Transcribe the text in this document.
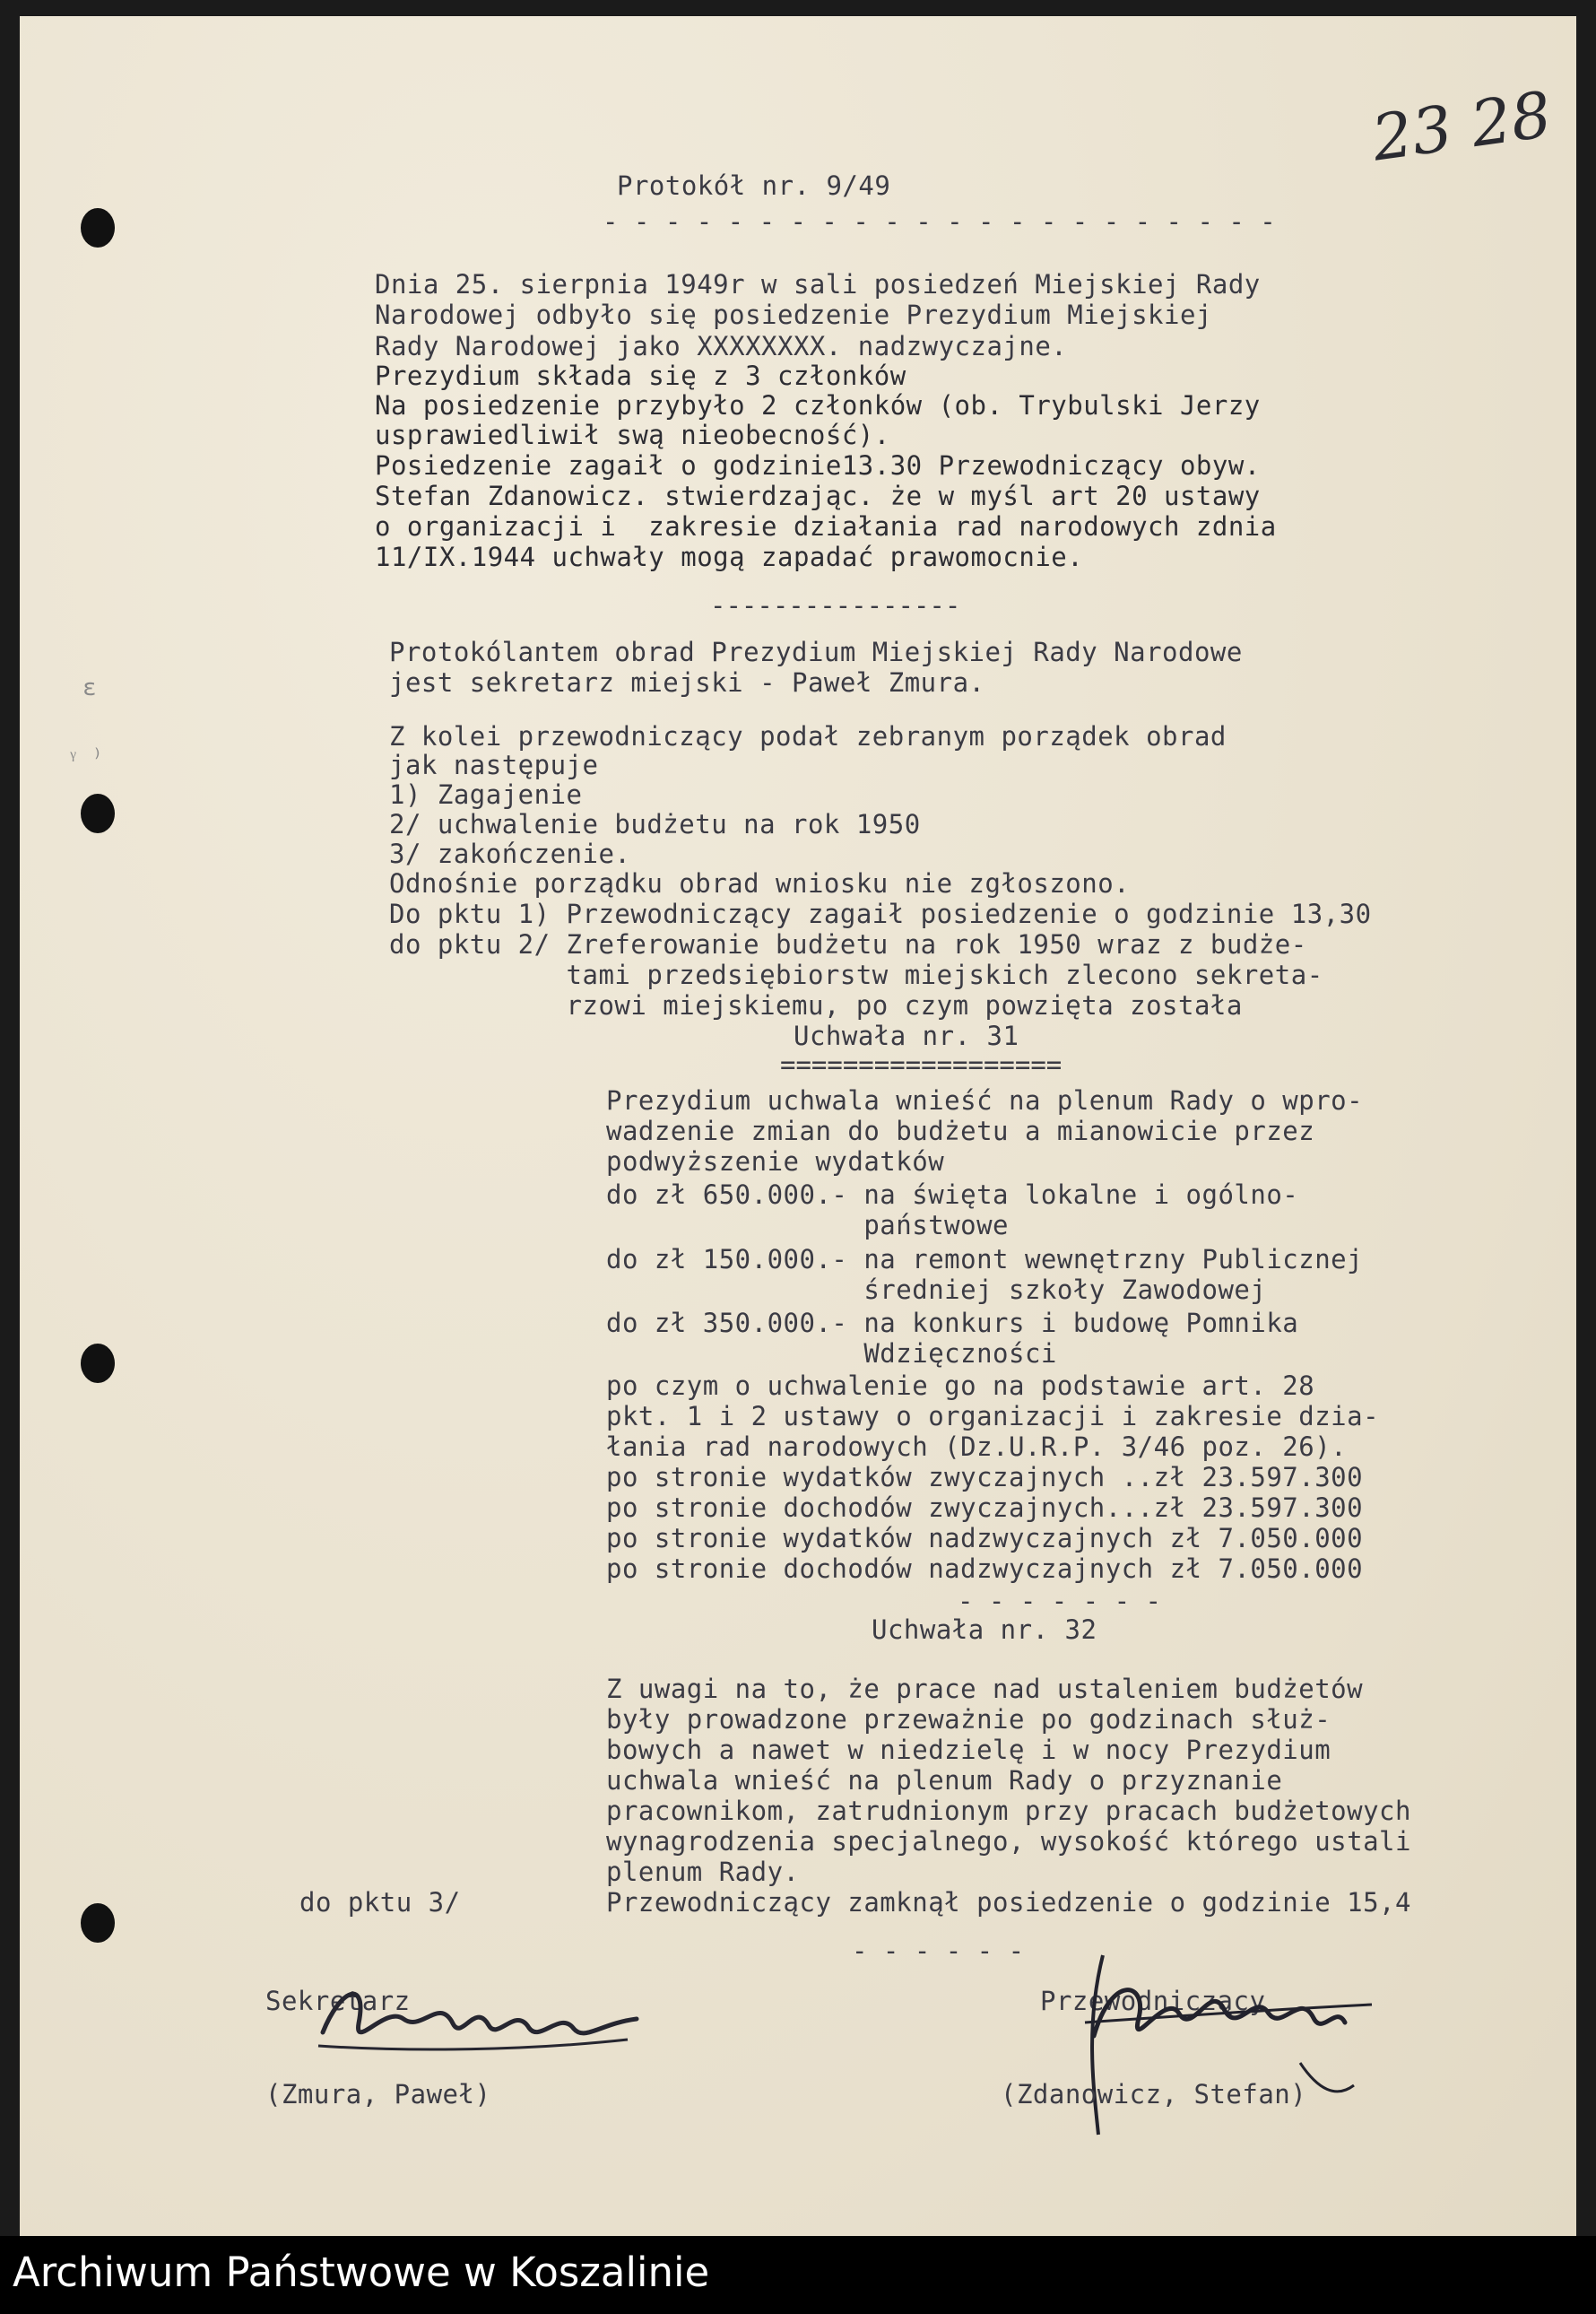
ɛ
ᵞ ⁾
23 28
Protokół nr. 9/49
- - - - - - - - - - - - - - - - - - - - - -
Dnia 25. sierpnia 1949r w sali posiedzeń Miejskiej Rady
Narodowej odbyło się posiedzenie Prezydium Miejskiej
Rady Narodowej jako XXXXXXXX. nadzwyczajne.
Prezydium składa się z 3 członków
Na posiedzenie przybyło 2 członków (ob. Trybulski Jerzy
usprawiedliwił swą nieobecność).
Posiedzenie zagaił o godzinie13.30 Przewodniczący obyw.
Stefan Zdanowicz. stwierdzając. że w myśl art 20 ustawy
o organizacji i  zakresie działania rad narodowych zdnia
11/IX.1944 uchwały mogą zapadać prawomocnie.
----------------
Protokólantem obrad Prezydium Miejskiej Rady Narodowe
jest sekretarz miejski - Paweł Zmura.
Z kolei przewodniczący podał zebranym porządek obrad
jak następuje
1) Zagajenie
2/ uchwalenie budżetu na rok 1950
3/ zakończenie.
Odnośnie porządku obrad wniosku nie zgłoszono.
Do pktu 1) Przewodniczący zagaił posiedzenie o godzinie 13,30
do pktu 2/ Zreferowanie budżetu na rok 1950 wraz z budże-
tami przedsiębiorstw miejskich zlecono sekreta-
rzowi miejskiemu, po czym powzięta została
Uchwała nr. 31
==================
Prezydium uchwala wnieść na plenum Rady o wpro-
wadzenie zmian do budżetu a mianowicie przez
podwyższenie wydatków
do zł 650.000.- na święta lokalne i ogólno-
państwowe
do zł 150.000.- na remont wewnętrzny Publicznej
średniej szkoły Zawodowej
do zł 350.000.- na konkurs i budowę Pomnika
Wdzięczności
po czym o uchwalenie go na podstawie art. 28
pkt. 1 i 2 ustawy o organizacji i zakresie dzia-
łania rad narodowych (Dz.U.R.P. 3/46 poz. 26).
po stronie wydatków zwyczajnych ..zł 23.597.300
po stronie dochodów zwyczajnych...zł 23.597.300
po stronie wydatków nadzwyczajnych zł 7.050.000
po stronie dochodów nadzwyczajnych zł 7.050.000
- - - - - - -
Uchwała nr. 32
Z uwagi na to, że prace nad ustaleniem budżetów
były prowadzone przeważnie po godzinach służ-
bowych a nawet w niedzielę i w nocy Prezydium
uchwala wnieść na plenum Rady o przyznanie
pracownikom, zatrudnionym przy pracach budżetowych
wynagrodzenia specjalnego, wysokość którego ustali
plenum Rady.
do pktu 3/	Przewodniczący zamknął posiedzenie o godzinie 15,4
- - - - - -
Sekretarz
(Zmura, Paweł)
Przewodniczący
(Zdanowicz, Stefan)
Archiwum Państwowe w Koszalinie
